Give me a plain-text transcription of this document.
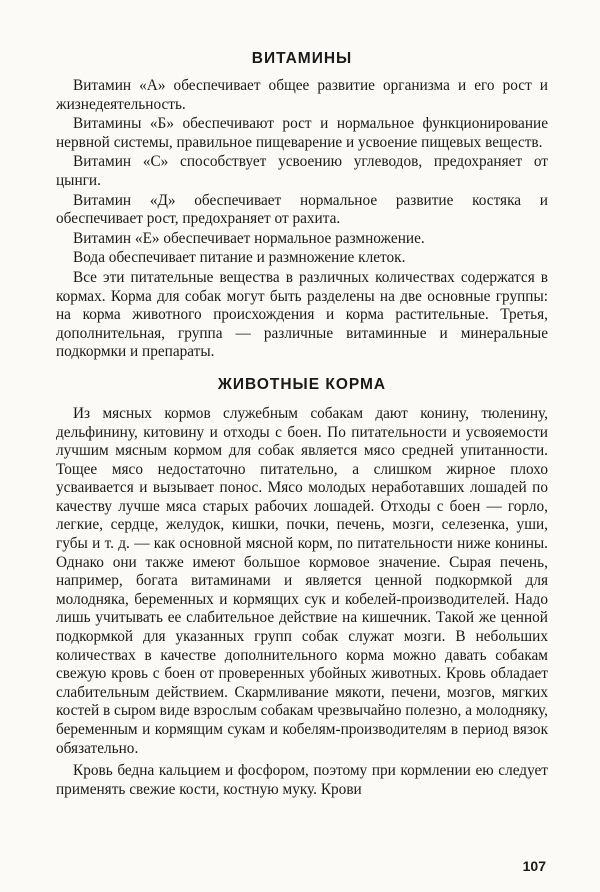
ВИТАМИНЫ

Витамин «А» обеспечивает общее развитие организма и его рост и жизнедеятельность.

Витамины «Б» обеспечивают рост и нормальное функционирование нервной системы, правильное пищеварение и усвоение пищевых веществ.

Витамин «С» способствует усвоению углеводов, предохраняет от цынги.

Витамин «Д» обеспечивает нормальное развитие костяка и обеспечивает рост, предохраняет от рахита.

Витамин «Е» обеспечивает нормальное размножение.

Вода обеспечивает питание и размножение клеток.

Все эти питательные вещества в различных количествах содержатся в кормах. Корма для собак могут быть разделены на две основные группы: на корма животного происхождения и корма растительные. Третья, дополнительная, группа — различные витаминные и минеральные подкормки и препараты.

ЖИВОТНЫЕ КОРМА

Из мясных кормов служебным собакам дают конину, тюленину, дельфинину, китовину и отходы с боен. По питательности и усвояемости лучшим мясным кормом для собак является мясо средней упитанности. Тощее мясо недостаточно питательно, а слишком жирное плохо усваивается и вызывает понос. Мясо молодых неработавших лошадей по качеству лучше мяса старых рабочих лошадей. Отходы с боен — горло, легкие, сердце, желудок, кишки, почки, печень, мозги, селезенка, уши, губы и т. д. — как основной мясной корм, по питательности ниже конины. Однако они также имеют большое кормовое значение. Сырая печень, например, богата витаминами и является ценной подкормкой для молодняка, беременных и кормящих сук и кобелей-производителей. Надо лишь учитывать ее слабительное действие на кишечник. Такой же ценной подкормкой для указанных групп собак служат мозги. В небольших количествах в качестве дополнительного корма можно давать собакам свежую кровь с боен от проверенных убойных животных. Кровь обладает слабительным действием. Скармливание мякоти, печени, мозгов, мягких костей в сыром виде взрослым собакам чрезвычайно полезно, а молодняку, беременным и кормящим сукам и кобелям-производителям в период вязок обязательно.

Кровь бедна кальцием и фосфором, поэтому при кормлении ею следует применять свежие кости, костную муку. Крови

107
